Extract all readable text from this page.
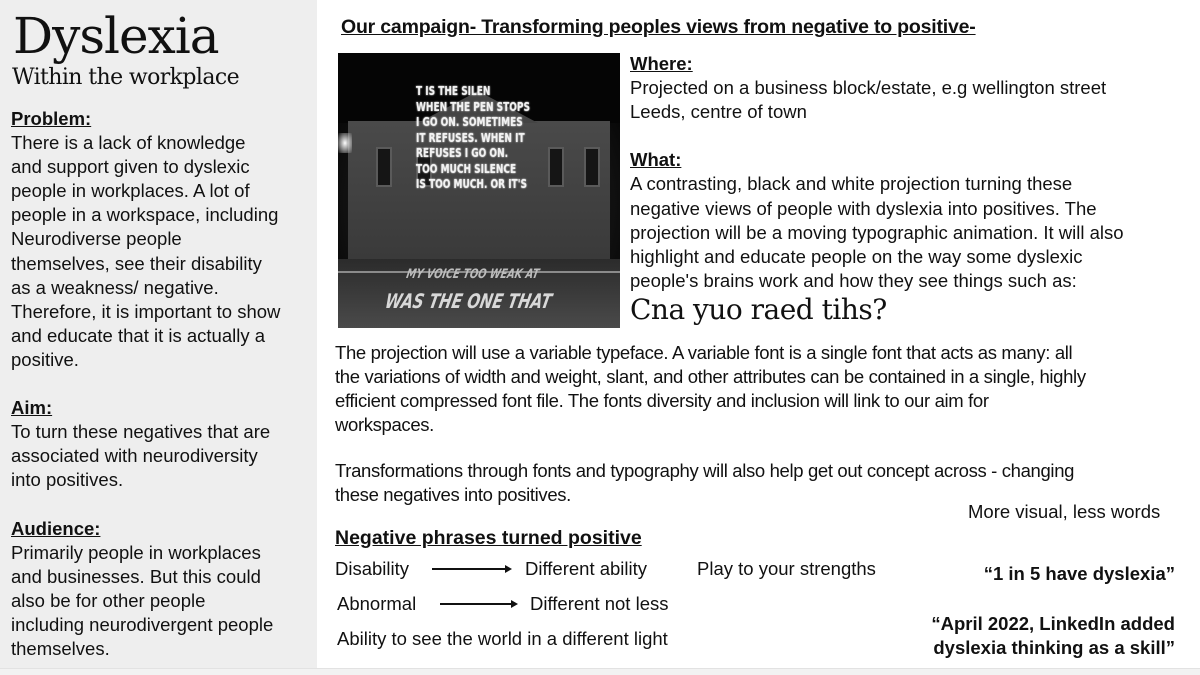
Dyslexia
Within the workplace
Problem:
There is a lack of knowledge
and support given to dyslexic
people in workplaces. A lot of
people in a workspace, including
Neurodiverse people
themselves, see their disability
as a weakness/ negative.
Therefore, it is important to show
and educate that it is actually a
positive.
Aim:
To turn these negatives that are
associated with neurodiversity
into positives.
Audience:
Primarily people in workplaces
and businesses. But this could
also be for other people
including neurodivergent people
themselves.
Our campaign- Transforming peoples views from negative to positive-
T IS THE SILEN
WHEN THE PEN STOPS
I GO ON. SOMETIMES
IT REFUSES. WHEN IT
REFUSES I GO ON.
TOO MUCH SILENCE
IS TOO MUCH. OR IT'S
MY VOICE TOO WEAK AT
WAS THE ONE THAT
Where:
Projected on a business block/estate, e.g wellington street
Leeds, centre of town
What:
A contrasting, black and white projection turning these
negative views of people with dyslexia into positives. The
projection will be a moving typographic animation. It will also
highlight and educate people on the way some dyslexic
people's brains work and how they see things such as:
Cna yuo raed tihs?
The projection will use a variable typeface. A variable font is a single font that acts as many: all
the variations of width and weight, slant, and other attributes can be contained in a single, highly
efficient compressed font file. The fonts diversity and inclusion will link to our aim for
workspaces.
Transformations through fonts and typography will also help get out concept across - changing
these negatives into positives.
More visual, less words
Negative phrases turned positive
Disability	Different ability	Play to your strengths
Abnormal	Different not less
Ability to see the world in a different light
“1 in 5 have dyslexia”
“April 2022, LinkedIn added
dyslexia thinking as a skill”
